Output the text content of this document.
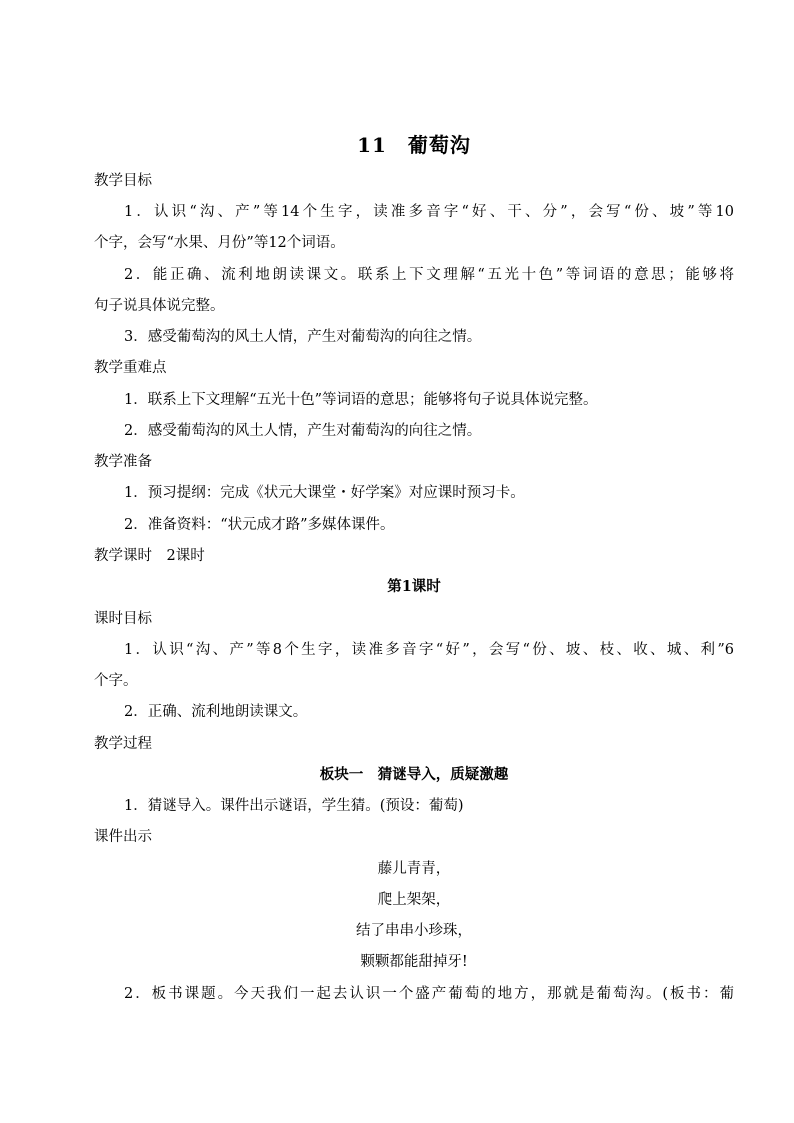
11　葡萄沟
教学目标
1．认识“沟、产”等14个生字，读准多音字“好、干、分”，会写“份、坡”等10
个字，会写“水果、月份”等12个词语。
2．能正确、流利地朗读课文。联系上下文理解“五光十色”等词语的意思；能够将
句子说具体说完整。
3．感受葡萄沟的风土人情，产生对葡萄沟的向往之情。
教学重难点
1．联系上下文理解“五光十色”等词语的意思；能够将句子说具体说完整。
2．感受葡萄沟的风土人情，产生对葡萄沟的向往之情。
教学准备
1．预习提纲：完成《状元大课堂・好学案》对应课时预习卡。
2．准备资料：“状元成才路”多媒体课件。
教学课时　2课时
第1课时
课时目标
1．认识“沟、产”等8个生字，读准多音字“好”，会写“份、坡、枝、收、城、利”6
个字。
2．正确、流利地朗读课文。
教学过程
板块一　猜谜导入，质疑激趣
1．猜谜导入。课件出示谜语，学生猜。(预设：葡萄)
课件出示
藤儿青青，
爬上架架，
结了串串小珍珠，
颗颗都能甜掉牙!
2．板书课题。今天我们一起去认识一个盛产葡萄的地方，那就是葡萄沟。(板书：葡
